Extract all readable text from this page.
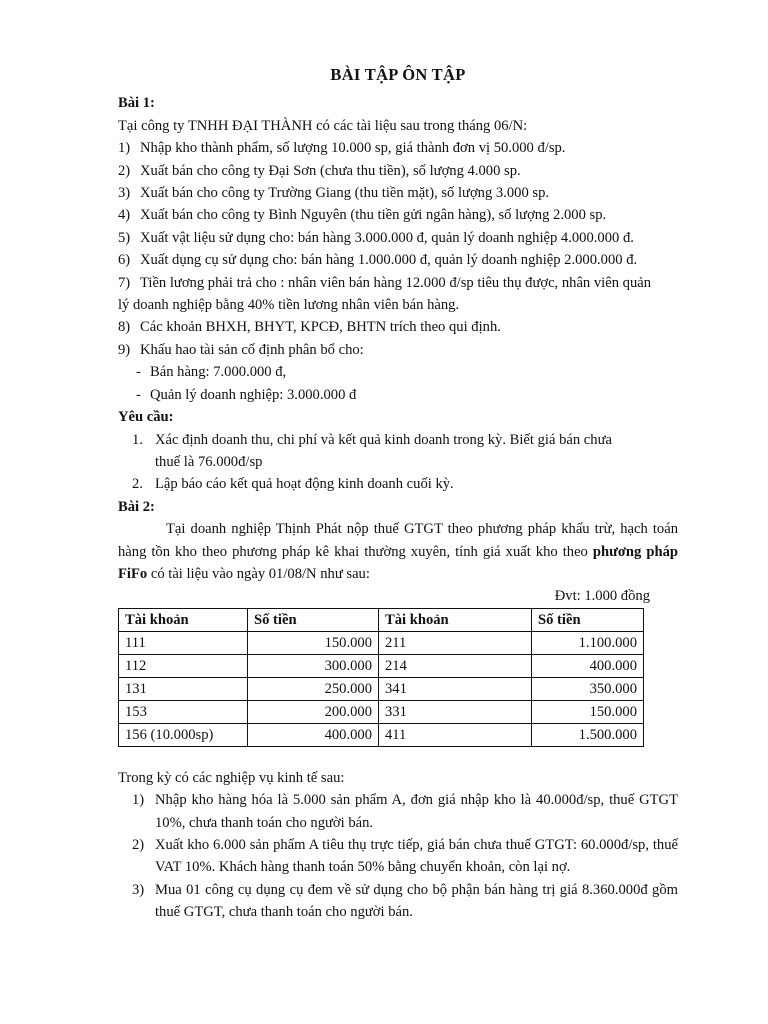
BÀI TẬP ÔN TẬP
Bài 1:
Tại công ty TNHH ĐẠI THÀNH có các tài liệu sau trong tháng 06/N:
1) Nhập kho thành phẩm, số lượng 10.000 sp, giá thành đơn vị 50.000 đ/sp.
2) Xuất bán cho công ty Đại Sơn (chưa thu tiền), số lượng 4.000 sp.
3) Xuất bán cho công ty Trường Giang (thu tiền mặt), số lượng 3.000 sp.
4) Xuất bán cho công ty Bình Nguyên (thu tiền gửi ngân hàng), số lượng 2.000 sp.
5) Xuất vật liệu sử dụng cho: bán hàng 3.000.000 đ, quản lý doanh nghiệp 4.000.000 đ.
6) Xuất dụng cụ sử dụng cho: bán hàng 1.000.000 đ, quản lý doanh nghiệp 2.000.000 đ.
7) Tiền lương phải trả cho : nhân viên bán hàng 12.000 đ/sp tiêu thụ được, nhân viên quản
lý doanh nghiệp bằng 40% tiền lương nhân viên bán hàng.
8) Các khoản BHXH, BHYT, KPCĐ, BHTN trích theo qui định.
9) Khấu hao tài sản cố định phân bổ cho:
- Bán hàng: 7.000.000 đ,
- Quản lý doanh nghiệp: 3.000.000 đ
Yêu cầu:
1. Xác định doanh thu, chi phí và kết quả kinh doanh trong kỳ. Biết giá bán chưa
thuế là 76.000đ/sp
2. Lập báo cáo kết quả hoạt động kinh doanh cuối kỳ.
Bài 2:
Tại doanh nghiệp Thịnh Phát nộp thuế GTGT theo phương pháp khấu trừ, hạch toán hàng tồn kho theo phương pháp kê khai thường xuyên, tính giá xuất kho theo phương pháp FiFo có tài liệu vào ngày 01/08/N như sau:
Đvt: 1.000 đồng
Tài khoản	Số tiền	Tài khoản	Số tiền
111	150.000	211	1.100.000
112	300.000	214	400.000
131	250.000	341	350.000
153	200.000	331	150.000
156 (10.000sp)	400.000	411	1.500.000
Trong kỳ có các nghiệp vụ kinh tế sau:
1) Nhập kho hàng hóa là 5.000 sản phẩm A, đơn giá nhập kho là 40.000đ/sp, thuế GTGT 10%, chưa thanh toán cho người bán.
2) Xuất kho 6.000 sản phẩm A tiêu thụ trực tiếp, giá bán chưa thuế GTGT: 60.000đ/sp, thuế VAT 10%. Khách hàng thanh toán 50% bằng chuyển khoản, còn lại nợ.
3) Mua 01 công cụ dụng cụ đem về sử dụng cho bộ phận bán hàng trị giá 8.360.000đ gồm thuế GTGT, chưa thanh toán cho người bán.
